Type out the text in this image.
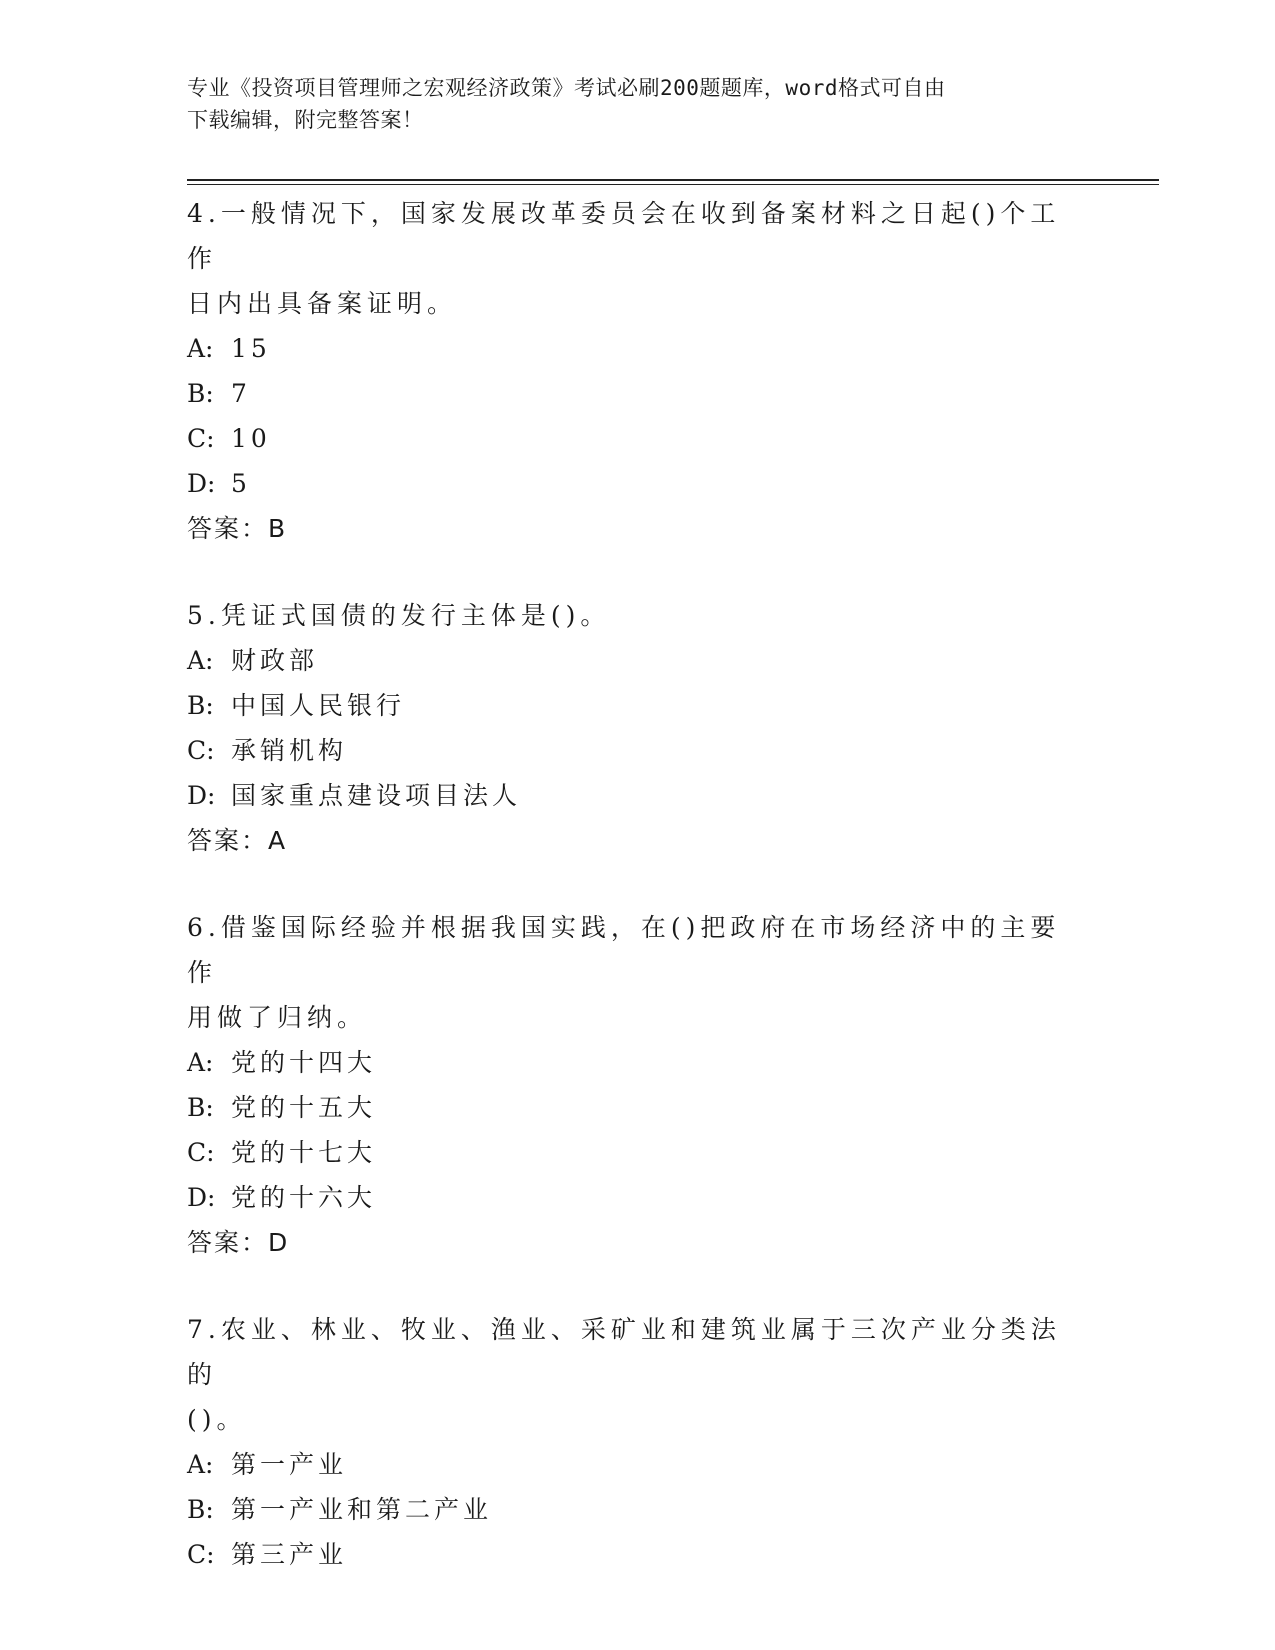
专业《投资项目管理师之宏观经济政策》考试必刷200题题库，word格式可自由
下载编辑，附完整答案！

4.一般情况下，国家发展改革委员会在收到备案材料之日起()个工作

日内出具备案证明。

A: 15
B: 7
C: 10
D: 5

答案：B

5.凭证式国债的发行主体是()。

A: 财政部
B: 中国人民银行
C: 承销机构
D: 国家重点建设项目法人

答案：A

6.借鉴国际经验并根据我国实践，在()把政府在市场经济中的主要作

用做了归纳。

A: 党的十四大
B: 党的十五大
C: 党的十七大
D: 党的十六大

答案：D

7.农业、林业、牧业、渔业、采矿业和建筑业属于三次产业分类法的

()。

A: 第一产业
B: 第一产业和第二产业
C: 第三产业
